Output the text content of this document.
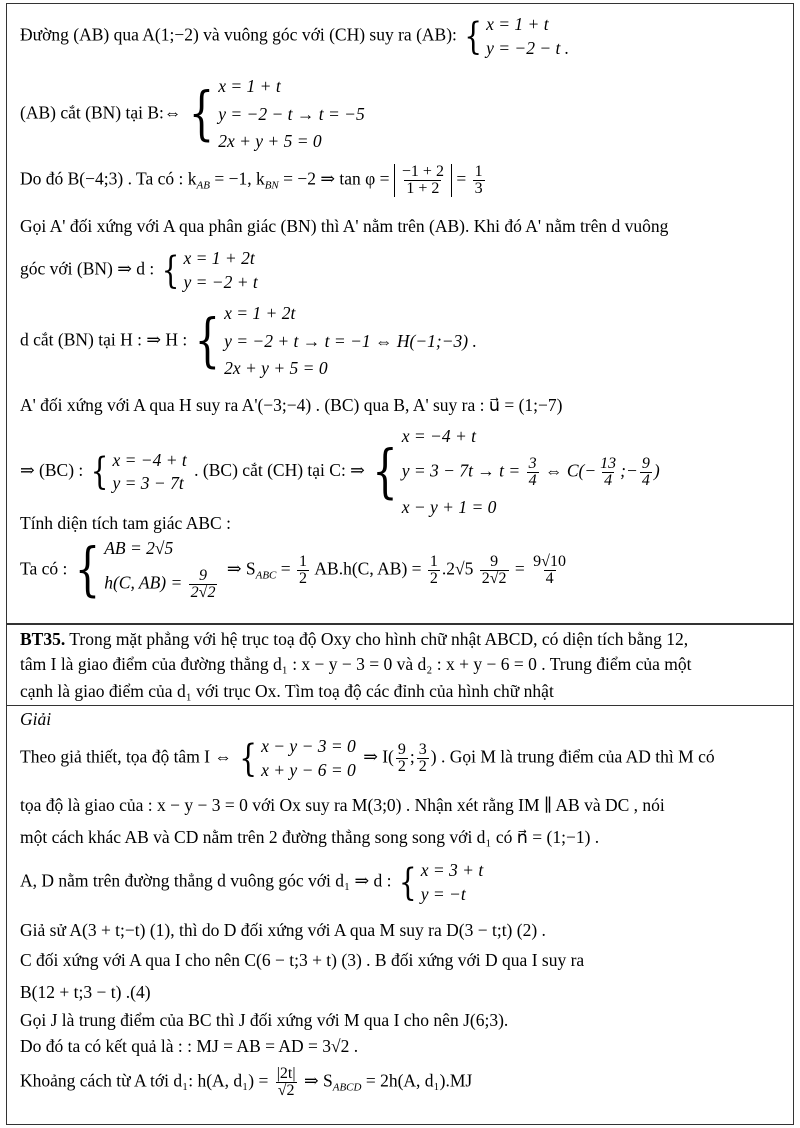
Đường (AB) qua A(1;−2) và vuông góc với (CH) suy ra (AB): { x = 1 + t
y = −2 − t .
(AB) cắt (BN) tại B:⇔ { x = 1 + t
y = −2 − t → t = −5
2x + y + 5 = 0
Do đó B(−4;3) . Ta có : $k_{AB} = -1$, $k_{BN} = -2$ ⇒ $\tan \varphi = \frac{-1 + 2}{1 + 2} = \frac{1}{3}$
Gọi A' đối xứng với A qua phân giác (BN) thì A' nằm trên (AB). Khi đó A' nằm trên d vuông
góc với (BN) ⇒ d : { x = 1 + 2t
y = −2 + t
d cắt (BN) tại H : ⇒ H : { x = 1 + 2t
y = −2 + t → t = −1 ⇔ H(−1;−3) .
2x + y + 5 = 0
A' đối xứng với A qua H suy ra A'(−3;−4) . (BC) qua B, A' suy ra : u⃗ = (1;−7)
⇒ (BC) : { x = −4 + t
y = 3 − 7t
. (BC) cắt (CH) tại C: ⇒ {
x = −4 + t
$y = 3 - 7t \to t = \frac{3}{4}$ ⇔ $C(- \frac{13}{4}$ ;− $\frac{9}{4}$ )
x − y + 1 = 0
Tính diện tích tam giác ABC :
Ta có : { AB = 2√5
h(C, $AB) = \frac{9}{2√2}$ ⇒ $S_{ABC} = \frac{1}{2} AB.h(C$, $AB) = \frac{1}{2} .2√5 \frac{9}{2√2} = \frac{9√10}{4}$
BT35. Trong mặt phẳng với hệ trục toạ độ Oxy cho hình chữ nhật ABCD, có diện tích bằng 12,
tâm I là giao điểm của đường thẳng d₁ : x − y − 3 = 0 và d₂ : x + y − 6 = 0 . Trung điểm của một
cạnh là giao điểm của d₁ với trục Ox. Tìm toạ độ các đỉnh của hình chữ nhật
Giải
Theo giả thiết, tọa độ tâm I ⇔ { x − y − 3 = 0
x + y − 6 = 0
⇒ $I( \frac{9}{2}$ ; $\frac{3}{2}$ ) . Gọi M là trung điểm của AD thì M có
tọa độ là giao của : x − y − 3 = 0 với Ox suy ra M(3;0) . Nhận xét rằng IM ∥ AB và DC , nói
một cách khác AB và CD nằm trên 2 đường thẳng song song với d₁ có n⃗ = (1;−1) .
A, D nằm trên đường thẳng d vuông góc với d₁ ⇒ d : { x = 3 + t
y = −t
Giả sử A(3 + t;−t) (1), thì do D đối xứng với A qua M suy ra D(3 − t;t) (2) .
C đối xứng với A qua I cho nên C(6 − t;3 + t) (3) . B đối xứng với D qua I suy ra
B(12 + t;3 − t) .(4)
Gọi J là trung điểm của BC thì J đối xứng với M qua I cho nên J(6;3).
Do đó ta có kết quả là : : MJ = AB = AD = 3√2 .
Khoảng cách từ A tới d₁: h(A, $d_1) = \frac{|2t|}{√2}$ ⇒ $S_{ABCD} = 2h(A$, d₁).MJ
